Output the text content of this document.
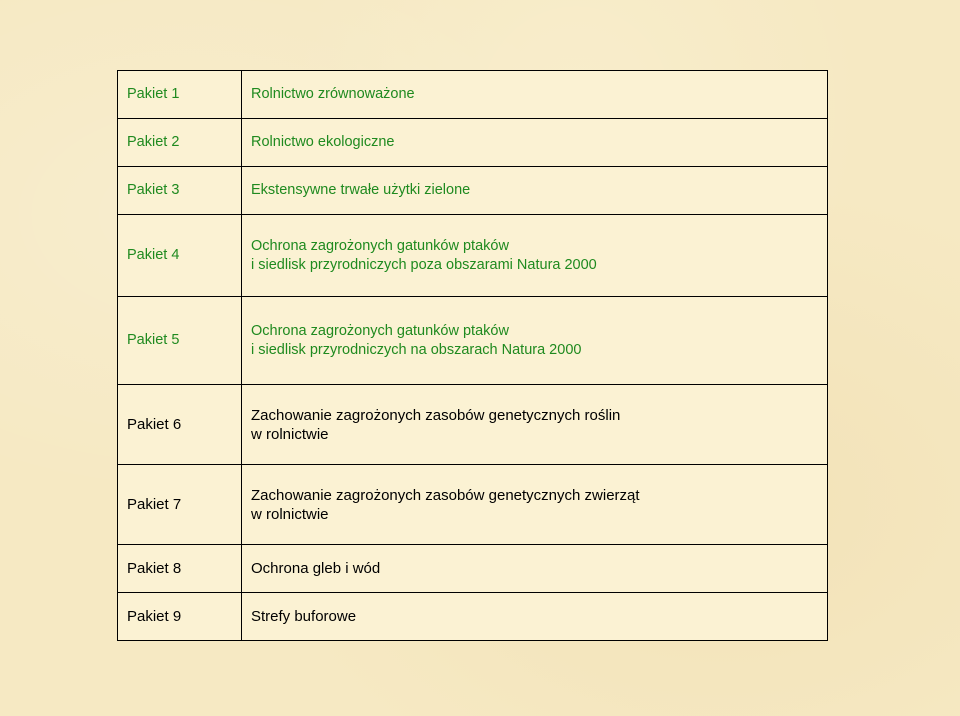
Pakiet 1	Rolnictwo zrównoważone

Pakiet 2	Rolnictwo ekologiczne

Pakiet 3	Ekstensywne trwałe użytki zielone

Pakiet 4	Ochrona zagrożonych gatunków ptaków
i siedlisk przyrodniczych poza obszarami Natura 2000

Pakiet 5	Ochrona zagrożonych gatunków ptaków
i siedlisk przyrodniczych na obszarach Natura 2000

Pakiet 6	Zachowanie zagrożonych zasobów genetycznych roślin
w rolnictwie

Pakiet 7	Zachowanie zagrożonych zasobów genetycznych zwierząt
w rolnictwie

Pakiet 8	Ochrona gleb i wód

Pakiet 9	Strefy buforowe
